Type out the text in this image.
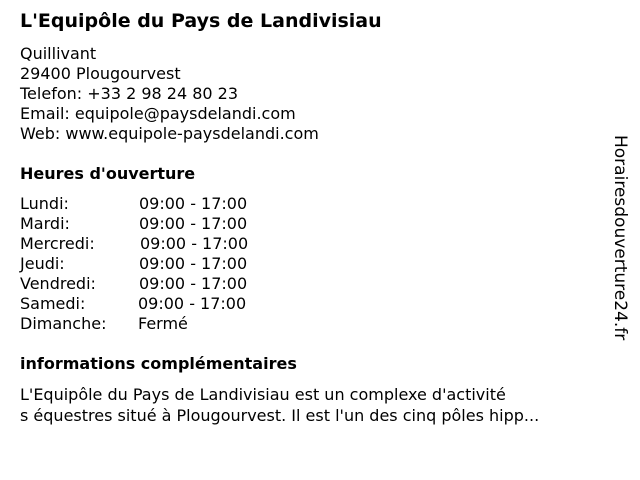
L'Equipôle du Pays de Landivisiau
Quillivant
29400 Plougourvest
Telefon: +33 2 98 24 80 23
Email: equipole@paysdelandi.com
Web: www.equipole-paysdelandi.com
Heures d'ouverture
Lundi:	09:00 - 17:00
Mardi:	09:00 - 17:00
Mercredi:	09:00 - 17:00
Jeudi:	09:00 - 17:00
Vendredi:	09:00 - 17:00
Samedi:	09:00 - 17:00
Dimanche: Fermé
informations complémentaires
L'Equipôle du Pays de Landivisiau est un complexe d'activité
s équestres situé à Plougourvest. Il est l'un des cinq pôles hipp...
Horairesdouverture24.fr
